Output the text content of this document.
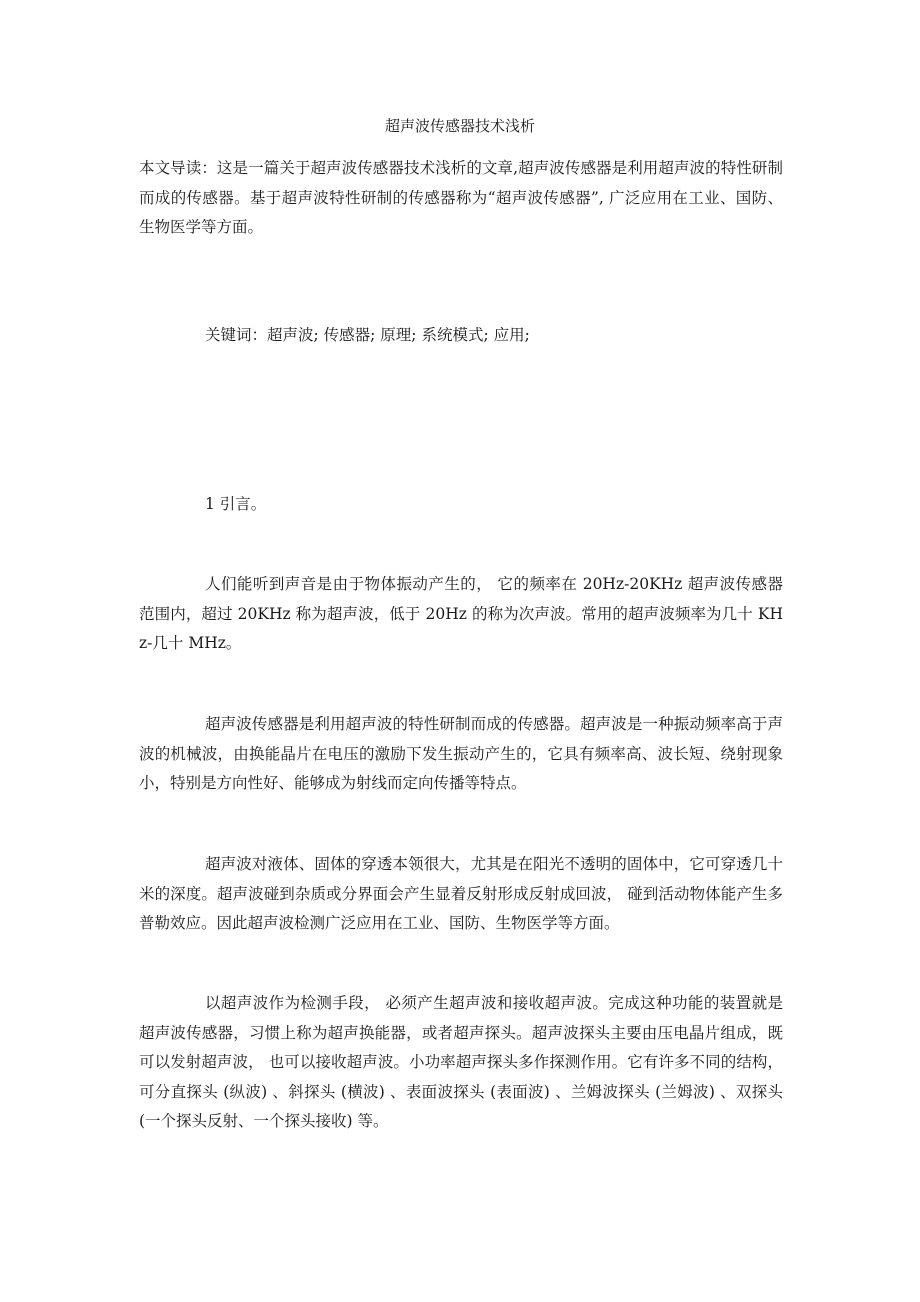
超声波传感器技术浅析

本文导读：这是一篇关于超声波传感器技术浅析的文章,超声波传感器是利用超声波的特性研制而成的传感器。基于超声波特性研制的传感器称为“超声波传感器”, 广泛应用在工业、国防、生物医学等方面。

关键词：超声波; 传感器; 原理; 系统模式; 应用;

1 引言。

人们能听到声音是由于物体振动产生的， 它的频率在 20Hz-20KHz 超声波传感器范围内，超过 20KHz 称为超声波，低于 20Hz 的称为次声波。常用的超声波频率为几十 KHz-几十 MHz。

超声波传感器是利用超声波的特性研制而成的传感器。超声波是一种振动频率高于声波的机械波，由换能晶片在电压的激励下发生振动产生的，它具有频率高、波长短、绕射现象小，特别是方向性好、能够成为射线而定向传播等特点。

超声波对液体、固体的穿透本领很大，尤其是在阳光不透明的固体中，它可穿透几十米的深度。超声波碰到杂质或分界面会产生显着反射形成反射成回波， 碰到活动物体能产生多普勒效应。因此超声波检测广泛应用在工业、国防、生物医学等方面。

以超声波作为检测手段， 必须产生超声波和接收超声波。完成这种功能的装置就是超声波传感器，习惯上称为超声换能器，或者超声探头。超声波探头主要由压电晶片组成，既可以发射超声波， 也可以接收超声波。小功率超声探头多作探测作用。它有许多不同的结构，可分直探头 (纵波) 、斜探头 (横波) 、表面波探头 (表面波) 、兰姆波探头 (兰姆波) 、双探头 (一个探头反射、一个探头接收) 等。
